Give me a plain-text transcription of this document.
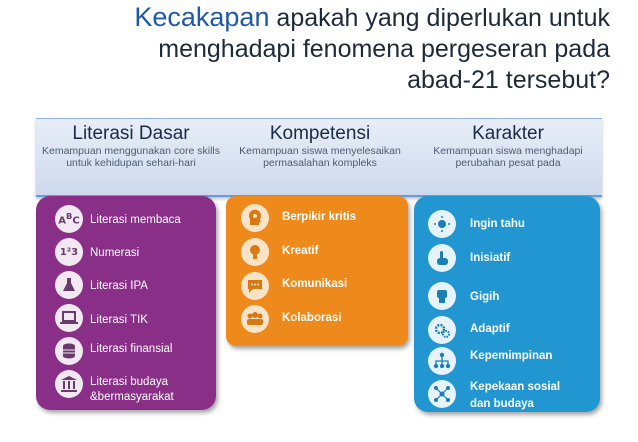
Kecakapan apakah yang diperlukan untuk
menghadapi fenomena pergeseran pada
abad-21 tersebut?
Literasi Dasar
Kemampuan menggunakan core skills untuk kehidupan sehari-hari
Kompetensi
Kemampuan siswa menyelesaikan permasalahan kompleks
Karakter
Kemampuan siswa menghadapi perubahan pesat pada
$A^BC$ Literasi membaca
1²3 Numerasi
Literasi IPA
Literasi TIK
Literasi finansial
Literasi budaya
&bermasyarakat
Berpikir kritis
Kreatif
Komunikasi
Kolaborasi
Ingin tahu
Inisiatif
Gigih
Adaptif
Kepemimpinan
Kepekaan sosial
dan budaya
